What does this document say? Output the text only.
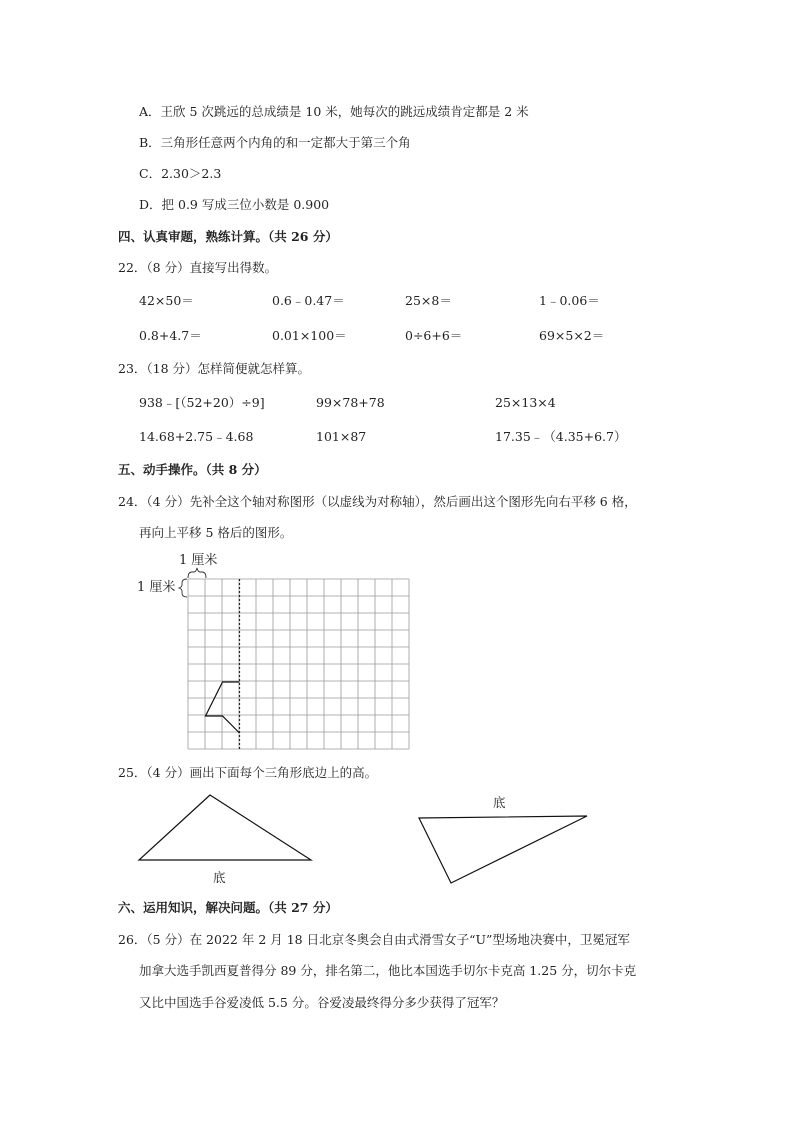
A．王欣 5 次跳远的总成绩是 10 米，她每次的跳远成绩肯定都是 2 米
B．三角形任意两个内角的和一定都大于第三个角
C．2.30＞2.3
D．把 0.9 写成三位小数是 0.900
四、认真审题，熟练计算。（共 26 分）
22．（8 分）直接写出得数。
42×50＝	0.6﹣0.47＝	25×8＝	1﹣0.06＝
0.8+4.7＝	0.01×100＝	0÷6+6＝	69×5×2＝
23．（18 分）怎样简便就怎样算。
938﹣[（52+20）÷9]	99×78+78	25×13×4
14.68+2.75﹣4.68	101×87	17.35﹣（4.35+6.7）
五、动手操作。（共 8 分）
24．（4 分）先补全这个轴对称图形（以虚线为对称轴），然后画出这个图形先向右平移 6 格，
再向上平移 5 格后的图形。
1 厘米
1 厘米
25．（4 分）画出下面每个三角形底边上的高。
底
底
六、运用知识，解决问题。（共 27 分）
26．（5 分）在 2022 年 2 月 18 日北京冬奥会自由式滑雪女子“U”型场地决赛中，卫冕冠军
加拿大选手凯西夏普得分 89 分，排名第二，他比本国选手切尔卡克高 1.25 分，切尔卡克
又比中国选手谷爱凌低 5.5 分。谷爱凌最终得分多少获得了冠军？
